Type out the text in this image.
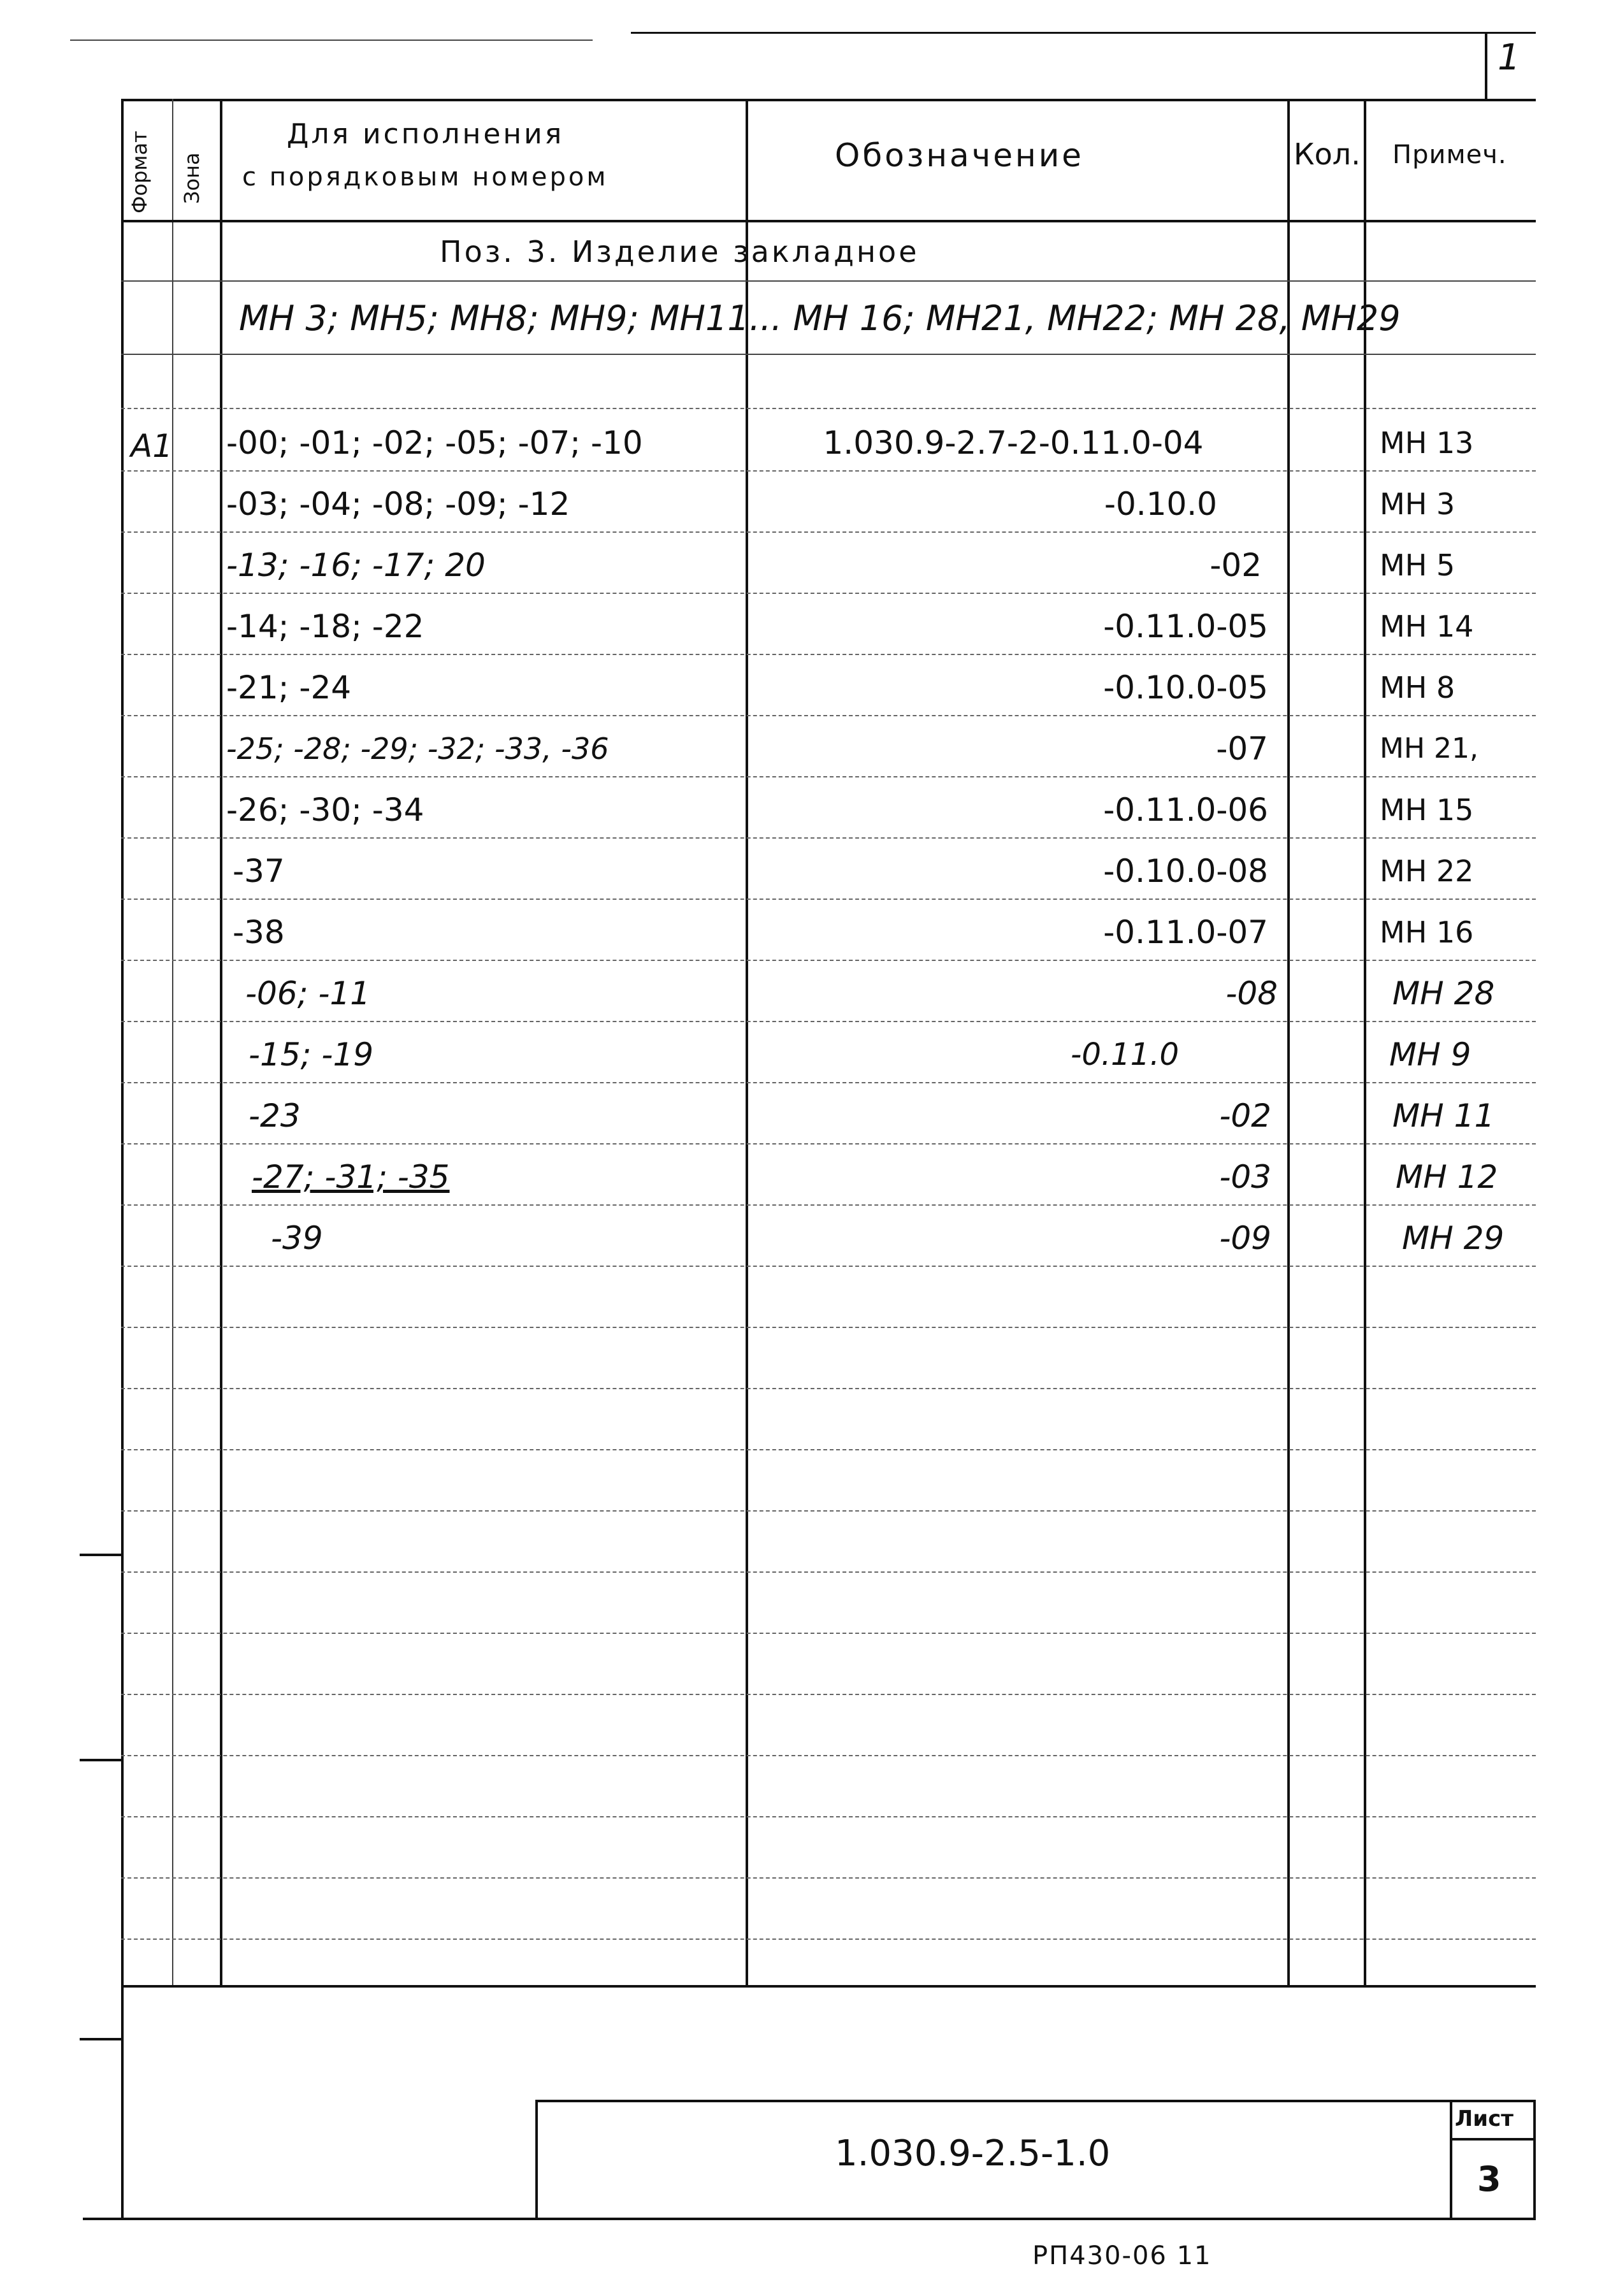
1
Формат Зона
Для исполнения
с порядковым номером
Обозначение	Кол. Примеч.
Поз. 3. Изделие закладное
МН 3; МН5; МН8; МН9; МН11... МН 16; МН21, МН22; МН 28, МН29
А1 -00; -01; -02; -05; -07; -10	1.030.9-2.7-2-0.11.0-04	МН 13
-03; -04; -08; -09; -12	-0.10.0	МН 3
-13; -16; -17; 20	-02	МН 5
-14; -18; -22	-0.11.0-05	МН 14
-21; -24	-0.10.0-05	МН 8
-25; -28; -29; -32; -33, -36	-07	МН 21,
-26; -30; -34	-0.11.0-06	МН 15
-37	-0.10.0-08	МН 22
-38	-0.11.0-07	МН 16
-06; -11	-08	МН 28
-15; -19	-0.11.0	МН 9
-23	-02	МН 11
-27; -31; -35	-03	МН 12
-39	-09	МН 29
1.030.9-2.5-1.0
Лист
3
РП430-06 11
